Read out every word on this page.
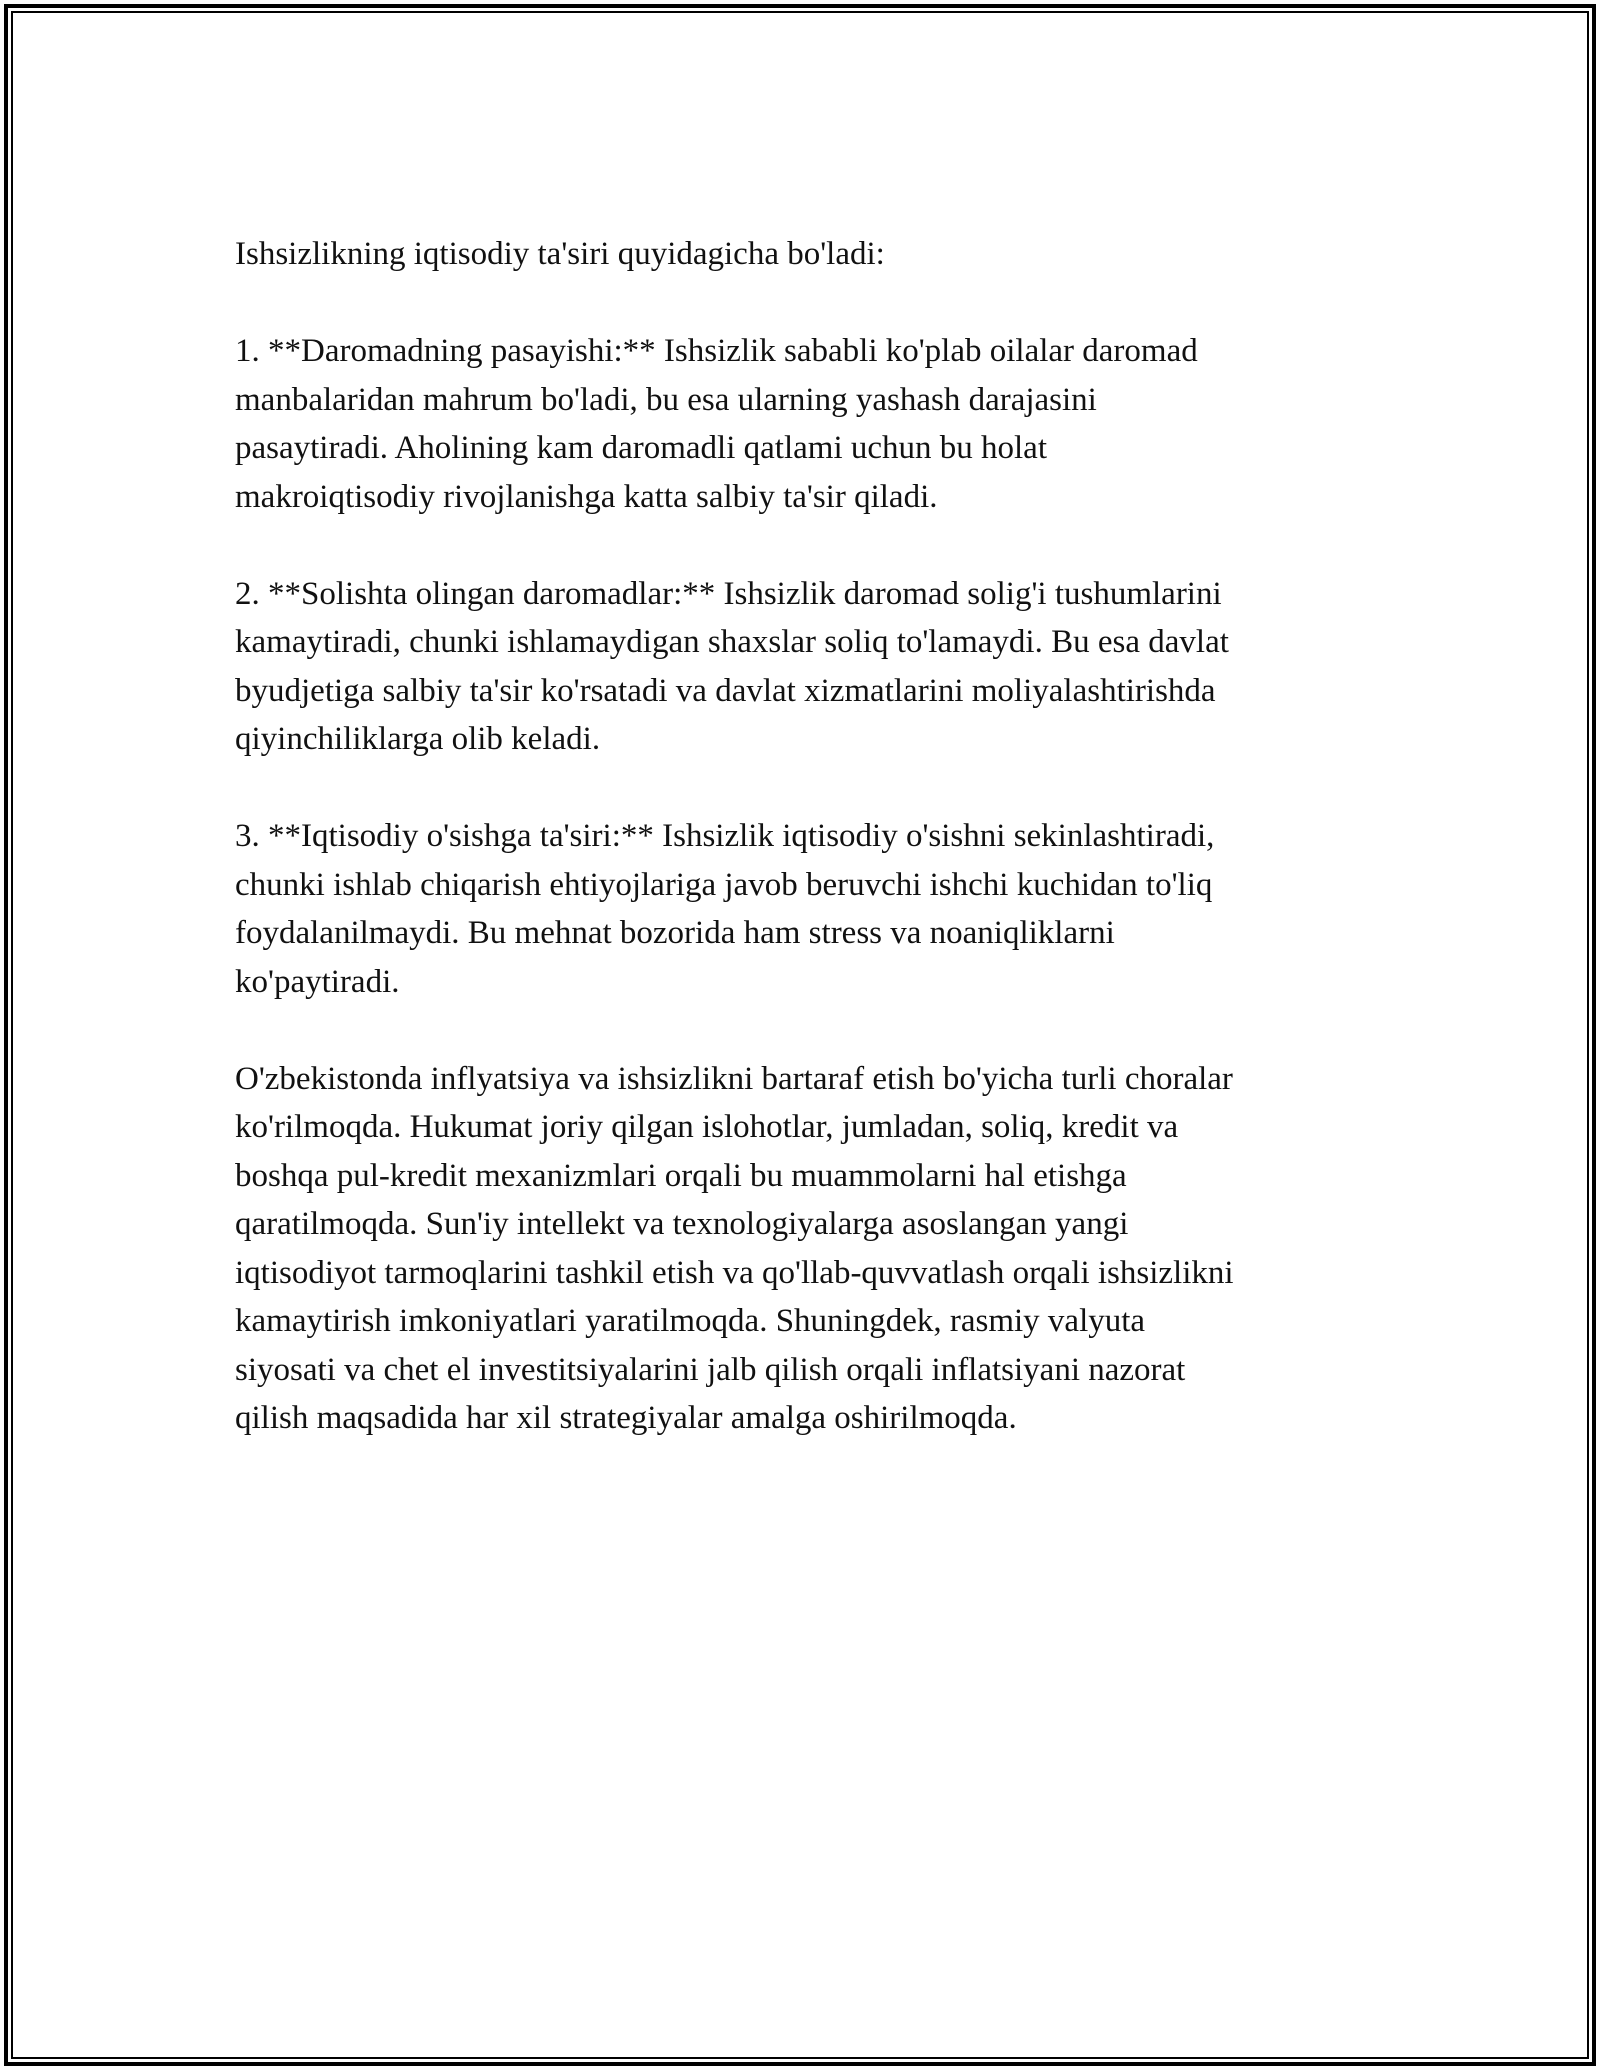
Ishsizlikning iqtisodiy ta'siri quyidagicha bo'ladi:

1. **Daromadning pasayishi:** Ishsizlik sababli ko'plab oilalar daromad
manbalaridan mahrum bo'ladi, bu esa ularning yashash darajasini
pasaytiradi. Aholining kam daromadli qatlami uchun bu holat
makroiqtisodiy rivojlanishga katta salbiy ta'sir qiladi.

2. **Solishta olingan daromadlar:** Ishsizlik daromad solig'i tushumlarini
kamaytiradi, chunki ishlamaydigan shaxslar soliq to'lamaydi. Bu esa davlat
byudjetiga salbiy ta'sir ko'rsatadi va davlat xizmatlarini moliyalashtirishda
qiyinchiliklarga olib keladi.

3. **Iqtisodiy o'sishga ta'siri:** Ishsizlik iqtisodiy o'sishni sekinlashtiradi,
chunki ishlab chiqarish ehtiyojlariga javob beruvchi ishchi kuchidan to'liq
foydalanilmaydi. Bu mehnat bozorida ham stress va noaniqliklarni
ko'paytiradi.

O'zbekistonda inflyatsiya va ishsizlikni bartaraf etish bo'yicha turli choralar
ko'rilmoqda. Hukumat joriy qilgan islohotlar, jumladan, soliq, kredit va
boshqa pul-kredit mexanizmlari orqali bu muammolarni hal etishga
qaratilmoqda. Sun'iy intellekt va texnologiyalarga asoslangan yangi
iqtisodiyot tarmoqlarini tashkil etish va qo'llab-quvvatlash orqali ishsizlikni
kamaytirish imkoniyatlari yaratilmoqda. Shuningdek, rasmiy valyuta
siyosati va chet el investitsiyalarini jalb qilish orqali inflatsiyani nazorat
qilish maqsadida har xil strategiyalar amalga oshirilmoqda.
